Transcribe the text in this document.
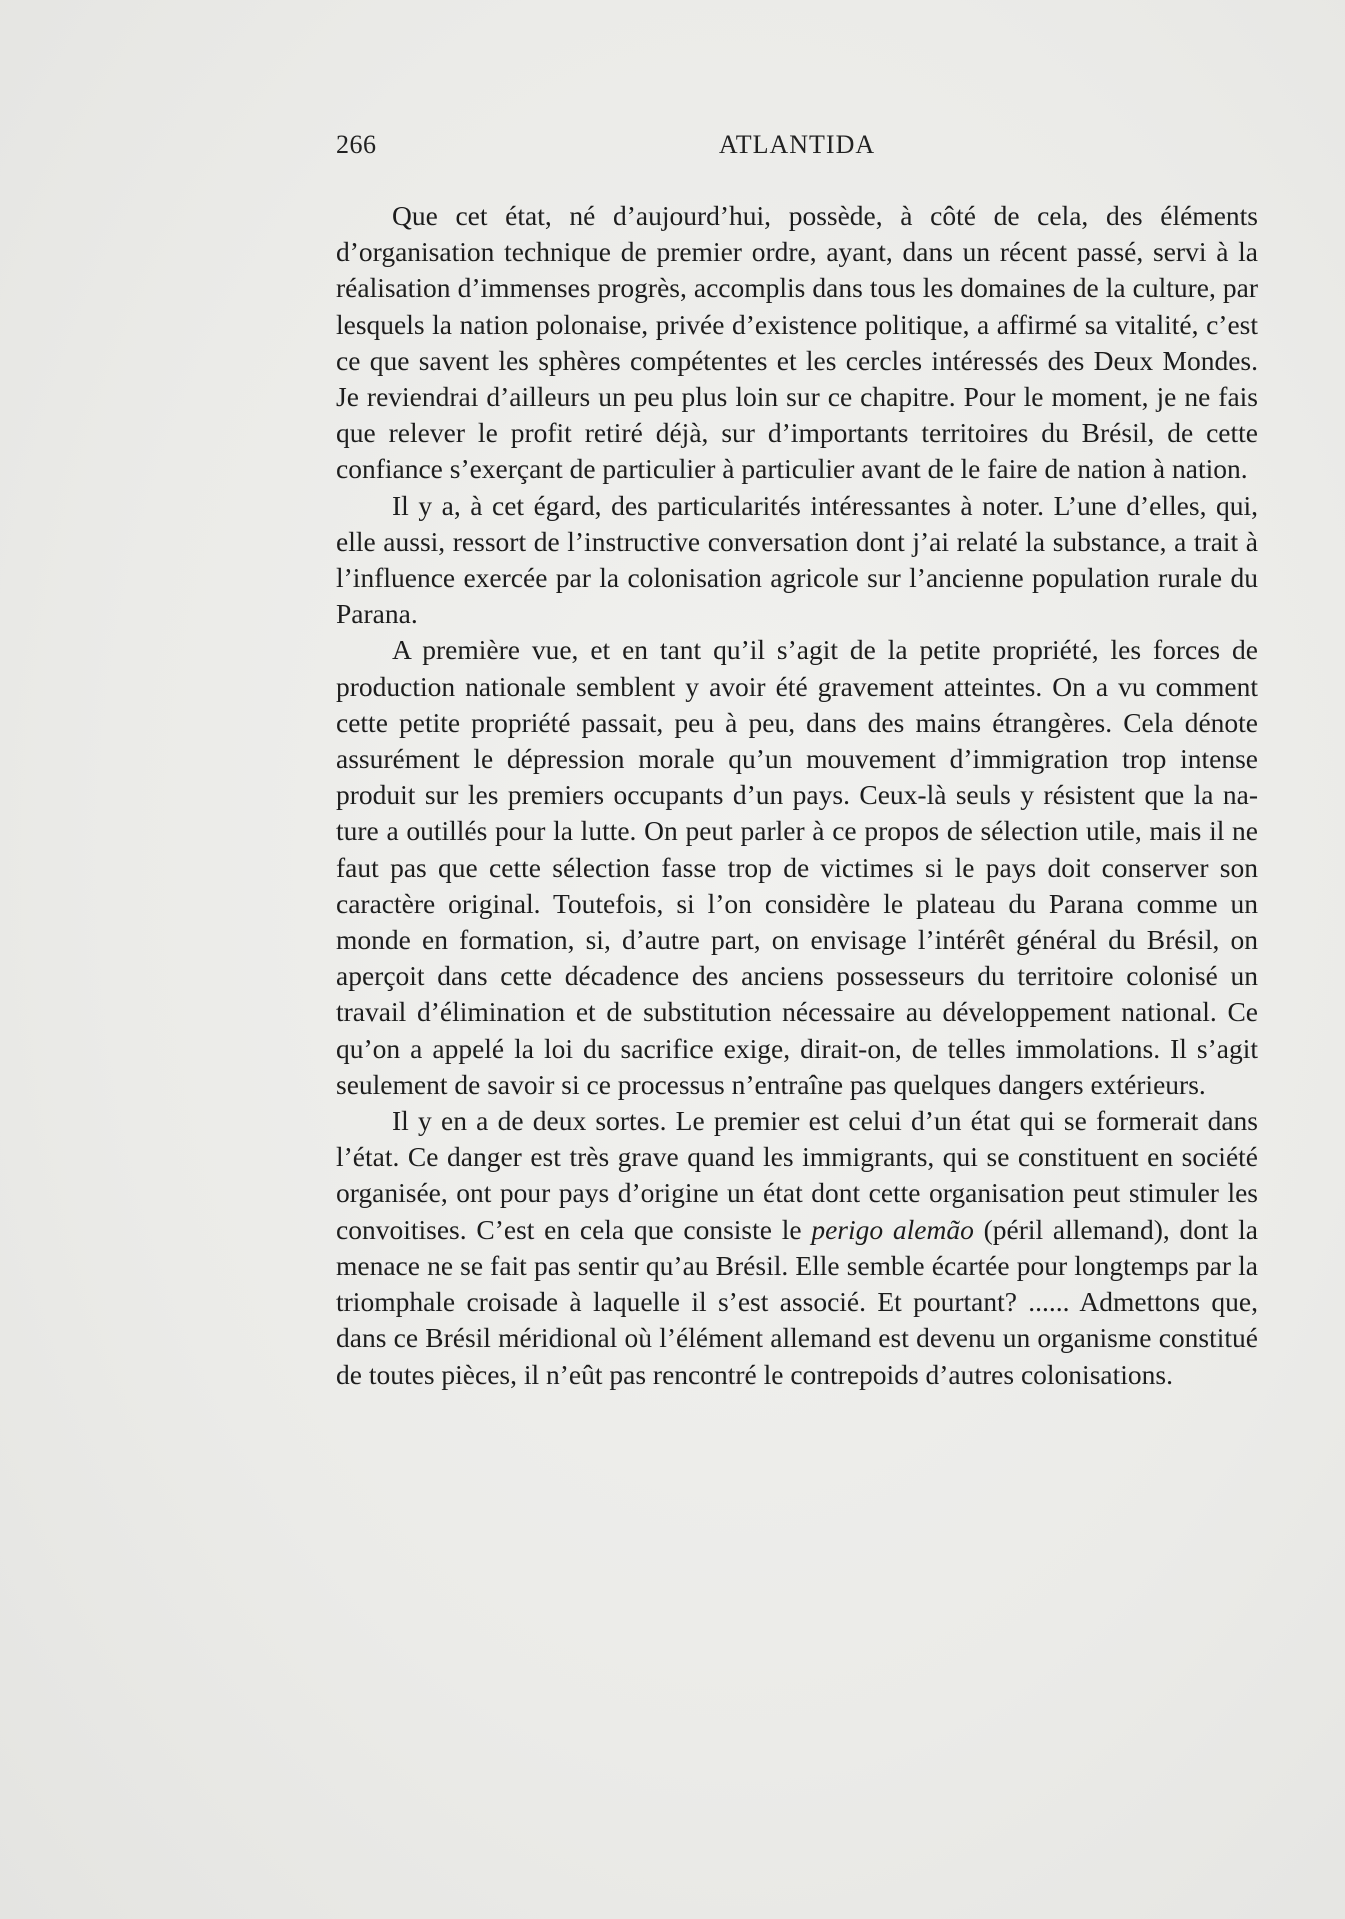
266	ATLANTIDA

Que cet état, né d’aujourd’hui, possède, à côté de cela, des éléments d’organisation technique de premier ordre, ayant, dans un récent passé, servi à la réalisation d’immenses progrès, accomplis dans tous les domaines de la culture, par lesquels la nation polonaise, privée d’existence politique, a affirmé sa vitalité, c’est ce que savent les sphères compétentes et les cercles intéressés des Deux Mondes. Je reviendrai d’ailleurs un peu plus loin sur ce chapitre. Pour le moment, je ne fais que relever le profit retiré déjà, sur d’importants territoires du Brésil, de cette confiance s’exerçant de particulier à particulier avant de le faire de nation à nation.

Il y a, à cet égard, des particularités intéressantes à noter. L’une d’elles, qui, elle aussi, ressort de l’instructive conversation dont j’ai relaté la substance, a trait à l’influence exercée par la colonisation agricole sur l’ancienne population rurale du Parana.

A première vue, et en tant qu’il s’agit de la petite propriété, les forces de production nationale semblent y avoir été gravement atteintes. On a vu comment cette petite propriété passait, peu à peu, dans des mains étrangères. Cela dénote assurément le dépression morale qu’un mouvement d’immigration trop intense produit sur les premiers occupants d’un pays. Ceux-là seuls y résistent que la nature a outillés pour la lutte. On peut parler à ce propos de sélection utile, mais il ne faut pas que cette sélection fasse trop de victimes si le pays doit conserver son caractère original. Toutefois, si l’on considère le plateau du Parana comme un monde en formation, si, d’autre part, on envisage l’intérêt général du Brésil, on aperçoit dans cette décadence des anciens possesseurs du territoire colonisé un travail d’élimination et de substitution nécessaire au développement national. Ce qu’on a appelé la loi du sacrifice exige, dirait-on, de telles immolations. Il s’agit seulement de savoir si ce processus n’entraîne pas quelques dangers extérieurs.

Il y en a de deux sortes. Le premier est celui d’un état qui se formerait dans l’état. Ce danger est très grave quand les immigrants, qui se constituent en société organisée, ont pour pays d’origine un état dont cette organisation peut stimuler les convoitises. C’est en cela que consiste le perigo alemão (péril allemand), dont la menace ne se fait pas sentir qu’au Brésil. Elle semble écartée pour longtemps par la triomphale croisade à laquelle il s’est associé. Et pourtant? ...... Admettons que, dans ce Brésil méridional où l’élément allemand est devenu un organisme constitué de toutes pièces, il n’eût pas rencontré le contrepoids d’autres colonisations.
